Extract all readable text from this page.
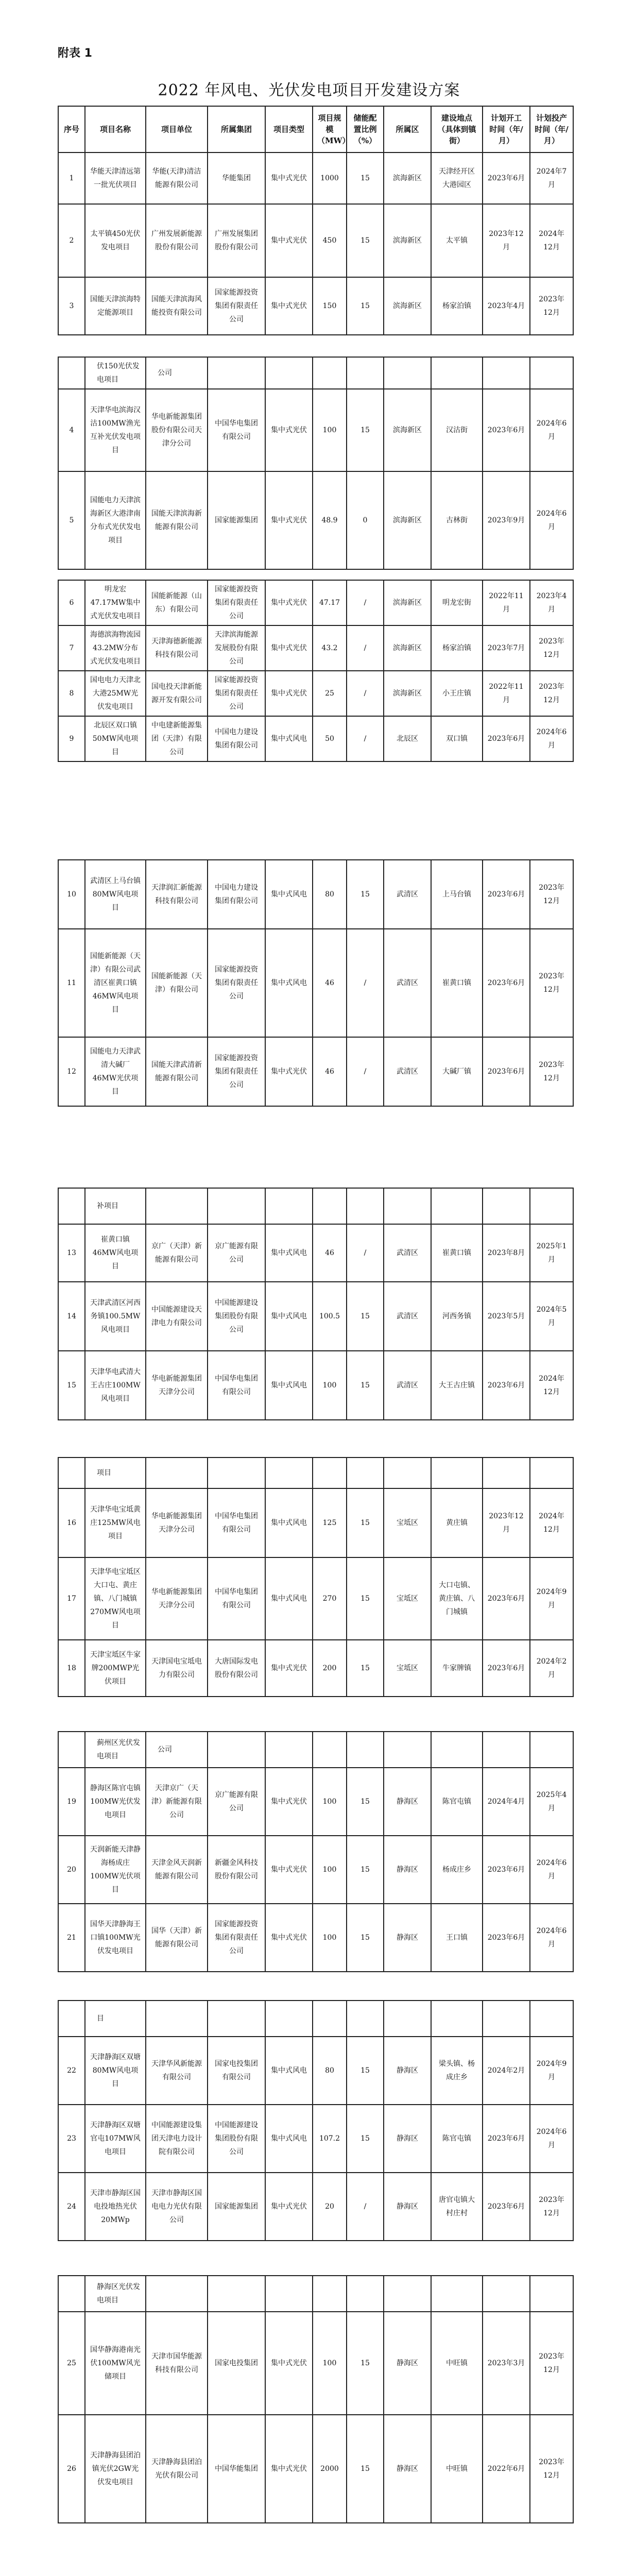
附表 1
2022 年风电、光伏发电项目开发建设方案
序号	项目名称	项目单位	所属集团	项目类型	项目规模（MW）	储能配置比例（%）	所属区	建设地点（具体到镇街）	计划开工时间（年/月）	计划投产时间（年/月）
1	华能天津清远第一批光伏项目	华能(天津)清洁能源有限公司	华能集团	集中式光伏	1000	15	滨海新区	天津经开区大港园区	2023年6月	2024年7月
2	太平镇450光伏发电项目	广州发展新能源股份有限公司	广州发展集团股份有限公司	集中式光伏	450	15	滨海新区	太平镇	2023年12月	2024年12月
3	国能天津滨海特定能源项目	国能天津滨海风能投资有限公司	国家能源投资集团有限责任公司	集中式光伏	150	15	滨海新区	杨家泊镇	2023年4月	2023年12月
	伏150光伏发电项目	公司								
4	天津华电滨海汉沽100MW渔光互补光伏发电项目	华电新能源集团股份有限公司天津分公司	中国华电集团有限公司	集中式光伏	100	15	滨海新区	汉沽街	2023年6月	2024年6月
5	国能电力天津滨海新区大港津南分布式光伏发电项目	国能天津滨海新能源有限公司	国家能源集团	集中式光伏	48.9	0	滨海新区	古林街	2023年9月	2024年6月
6	明龙宏47.17MW集中式光伏发电项目	国能新能源（山东）有限公司	国家能源投资集团有限责任公司	集中式光伏	47.17	/	滨海新区	明龙宏街	2022年11月	2023年4月
7	海德滨海物流园43.2MW分布式光伏发电项目	天津海德新能源科技有限公司	天津滨海能源发展股份有限公司	集中式光伏	43.2	/	滨海新区	杨家泊镇	2023年7月	2023年12月
8	国电电力天津北大港25MW光伏发电项目	国电投天津新能源开发有限公司	国家能源投资集团有限责任公司	集中式光伏	25	/	滨海新区	小王庄镇	2022年11月	2023年12月
9	北辰区双口镇50MW风电项目	中电建新能源集团（天津）有限公司	中国电力建设集团有限公司	集中式风电	50	/	北辰区	双口镇	2023年6月	2024年6月
10	武清区上马台镇80MW风电项目	天津润汇新能源科技有限公司	中国电力建设集团有限公司	集中式风电	80	15	武清区	上马台镇	2023年6月	2023年12月
11	国能新能源（天津）有限公司武清区崔黄口镇46MW风电项目	国能新能源（天津）有限公司	国家能源投资集团有限责任公司	集中式风电	46	/	武清区	崔黄口镇	2023年6月	2023年12月
12	国能电力天津武清大碱厂46MW光伏项目	国能天津武清新能源有限公司	国家能源投资集团有限责任公司	集中式光伏	46	/	武清区	大碱厂镇	2023年6月	2023年12月
	补项目									
13	崔黄口镇46MW风电项目	京广（天津）新能源有限公司	京广能源有限公司	集中式风电	46	/	武清区	崔黄口镇	2023年8月	2025年1月
14	天津武清区河西务镇100.5MW风电项目	中国能源建设天津电力有限公司	中国能源建设集团股份有限公司	集中式风电	100.5	15	武清区	河西务镇	2023年5月	2024年5月
15	天津华电武清大王古庄100MW风电项目	华电新能源集团天津分公司	中国华电集团有限公司	集中式风电	100	15	武清区	大王古庄镇	2023年6月	2024年12月
	项目									
16	天津华电宝坻黄庄125MW风电项目	华电新能源集团天津分公司	中国华电集团有限公司	集中式风电	125	15	宝坻区	黄庄镇	2023年12月	2024年12月
17	天津华电宝坻区大口屯、黄庄镇、八门城镇270MW风电项目	华电新能源集团天津分公司	中国华电集团有限公司	集中式风电	270	15	宝坻区	大口屯镇、黄庄镇、八门城镇	2023年6月	2024年9月
18	天津宝坻区牛家牌200MWP光伏项目	天津国电宝坻电力有限公司	大唐国际发电股份有限公司	集中式光伏	200	15	宝坻区	牛家牌镇	2023年6月	2024年2月
	蓟州区光伏发电项目	公司								
19	静海区陈官屯镇100MW光伏发电项目	天津京广（天津）新能源有限公司	京广能源有限公司	集中式光伏	100	15	静海区	陈官屯镇	2024年4月	2025年4月
20	天润新能天津静海杨成庄100MW光伏项目	天津金风天润新能源有限公司	新疆金风科技股份有限公司	集中式光伏	100	15	静海区	杨成庄乡	2023年6月	2024年6月
21	国华天津静海王口镇100MW光伏发电项目	国华（天津）新能源有限公司	国家能源投资集团有限责任公司	集中式光伏	100	15	静海区	王口镇	2023年6月	2024年6月
	目									
22	天津静海区双塘80MW风电项目	天津华风新能源有限公司	国家电投集团有限公司	集中式风电	80	15	静海区	梁头镇、杨成庄乡	2024年2月	2024年9月
23	天津静海区双塘官屯107MW风电项目	中国能源建设集团天津电力设计院有限公司	中国能源建设集团股份有限公司	集中式风电	107.2	15	静海区	陈官屯镇	2023年6月	2024年6月
24	天津市静海区国电投地热光伏20MWp	天津市静海区国电电力光伏有限公司	国家能源集团	集中式光伏	20	/	静海区	唐官屯镇大村庄村	2023年6月	2023年12月
	静海区光伏发电项目									
25	国华静海港南光伏100MW风光储项目	天津市国华能源科技有限公司	国家电投集团	集中式光伏	100	15	静海区	中旺镇	2023年3月	2023年12月
26	天津静海县团泊镇光伏2GW光伏发电项目	天津静海县团泊光伏有限公司	中国华能集团	集中式光伏	2000	15	静海区	中旺镇	2022年6月	2023年12月
